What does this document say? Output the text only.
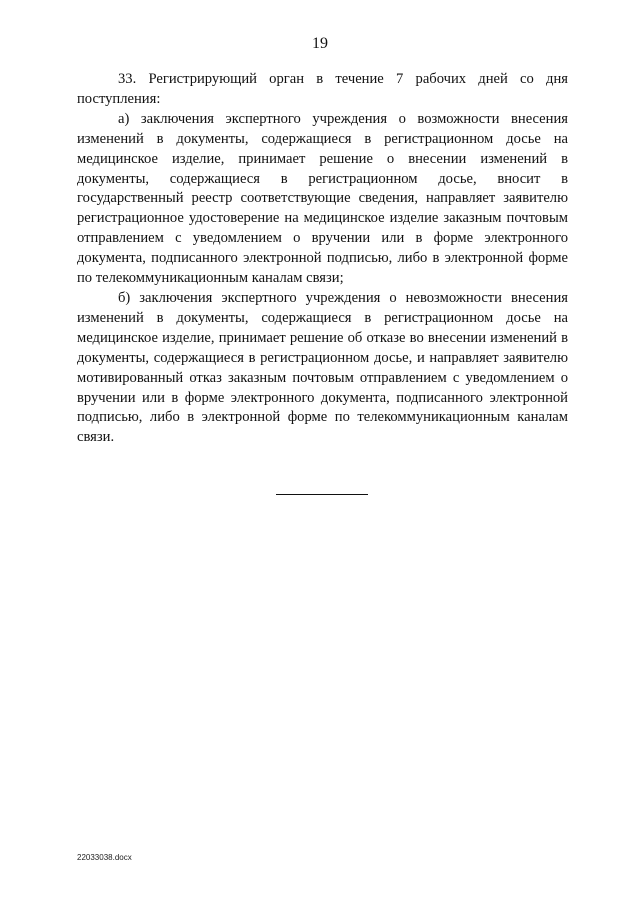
19

33. Регистрирующий орган в течение 7 рабочих дней со дня поступления:

а) заключения экспертного учреждения о возможности внесения изменений в документы, содержащиеся в регистрационном досье на медицинское изделие, принимает решение о внесении изменений в документы, содержащиеся в регистрационном досье, вносит в государственный реестр соответствующие сведения, направляет заявителю регистрационное удостоверение на медицинское изделие заказным почтовым отправлением с уведомлением о вручении или в форме электронного документа, подписанного электронной подписью, либо в электронной форме по телекоммуникационным каналам связи;

б) заключения экспертного учреждения о невозможности внесения изменений в документы, содержащиеся в регистрационном досье на медицинское изделие, принимает решение об отказе во внесении изменений в документы, содержащиеся в регистрационном досье, и направляет заявителю мотивированный отказ заказным почтовым отправлением с уведомлением о вручении или в форме электронного документа, подписанного электронной подписью, либо в электронной форме по телекоммуникационным каналам связи.

22033038.docx
